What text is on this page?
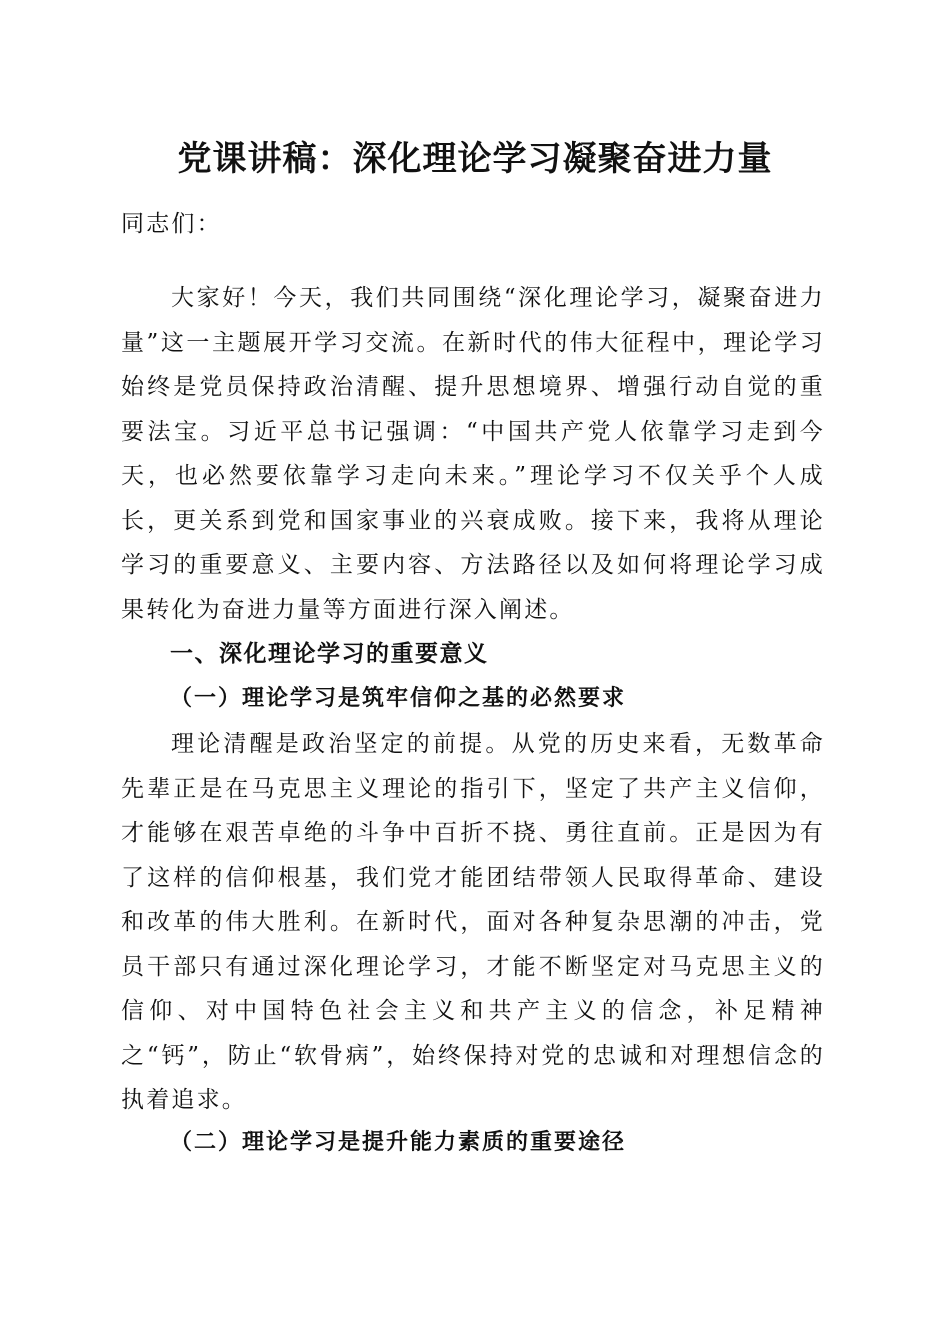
党课讲稿：深化理论学习凝聚奋进力量

同志们：

大家好！今天，我们共同围绕“深化理论学习，凝聚奋进力量”这一主题展开学习交流。在新时代的伟大征程中，理论学习始终是党员保持政治清醒、提升思想境界、增强行动自觉的重要法宝。习近平总书记强调：“中国共产党人依靠学习走到今天，也必然要依靠学习走向未来。”理论学习不仅关乎个人成长，更关系到党和国家事业的兴衰成败。接下来，我将从理论学习的重要意义、主要内容、方法路径以及如何将理论学习成果转化为奋进力量等方面进行深入阐述。

一、深化理论学习的重要意义
（一）理论学习是筑牢信仰之基的必然要求

理论清醒是政治坚定的前提。从党的历史来看，无数革命先辈正是在马克思主义理论的指引下，坚定了共产主义信仰，才能够在艰苦卓绝的斗争中百折不挠、勇往直前。正是因为有了这样的信仰根基，我们党才能团结带领人民取得革命、建设和改革的伟大胜利。在新时代，面对各种复杂思潮的冲击，党员干部只有通过深化理论学习，才能不断坚定对马克思主义的信仰、对中国特色社会主义和共产主义的信念，补足精神之“钙”，防止“软骨病”，始终保持对党的忠诚和对理想信念的执着追求。

（二）理论学习是提升能力素质的重要途径
